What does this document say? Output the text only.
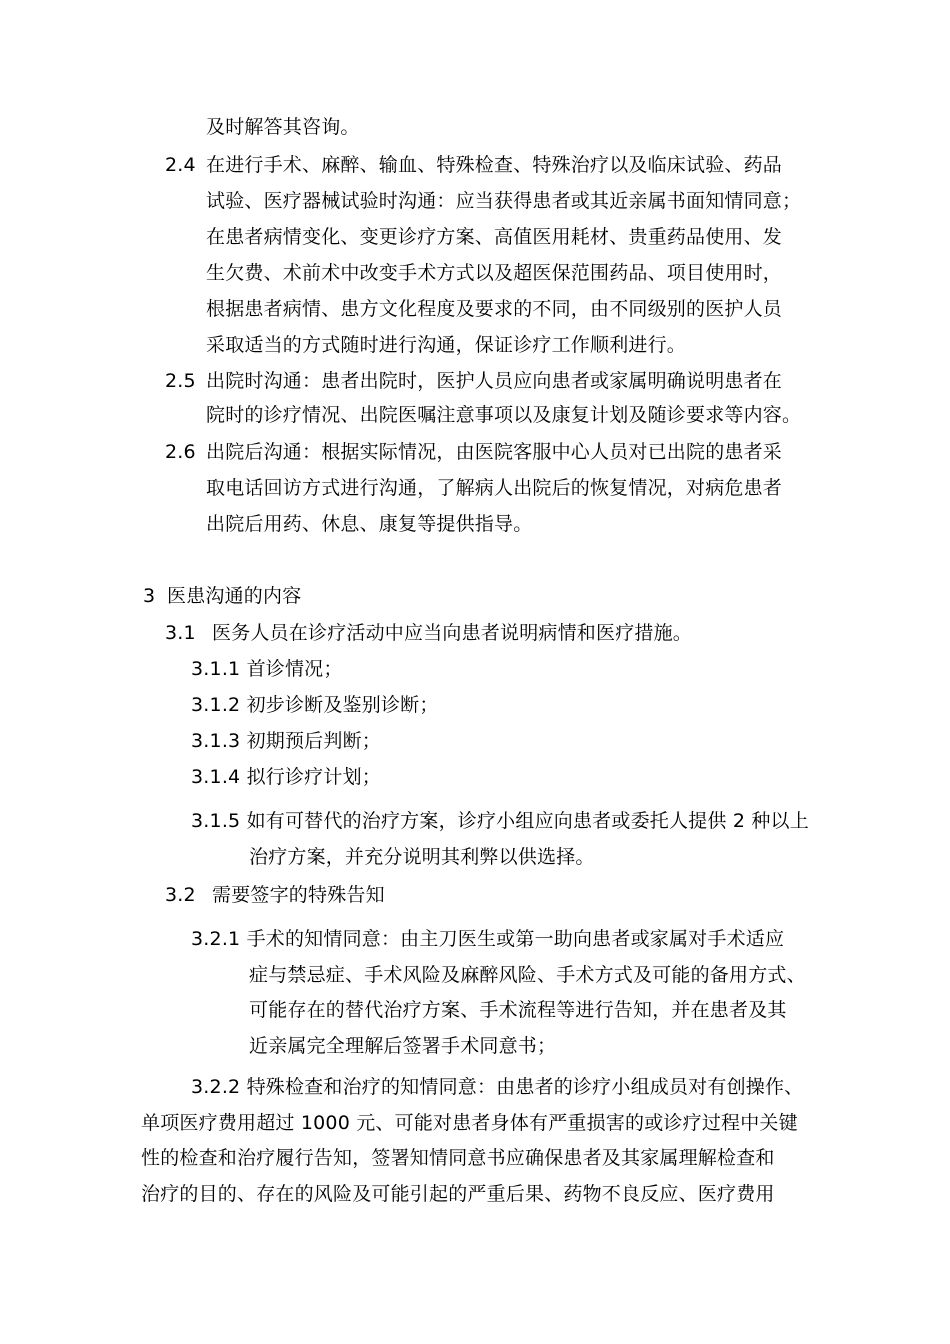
及时解答其咨询。
2.4 在进行手术、麻醉、输血、特殊检查、特殊治疗以及临床试验、药品
试验、医疗器械试验时沟通：应当获得患者或其近亲属书面知情同意；
在患者病情变化、变更诊疗方案、高值医用耗材、贵重药品使用、发
生欠费、术前术中改变手术方式以及超医保范围药品、项目使用时，
根据患者病情、患方文化程度及要求的不同，由不同级别的医护人员
采取适当的方式随时进行沟通，保证诊疗工作顺利进行。
2.5 出院时沟通：患者出院时，医护人员应向患者或家属明确说明患者在
院时的诊疗情况、出院医嘱注意事项以及康复计划及随诊要求等内容。
2.6 出院后沟通：根据实际情况，由医院客服中心人员对已出院的患者采
取电话回访方式进行沟通，了解病人出院后的恢复情况，对病危患者
出院后用药、休息、康复等提供指导。
3 医患沟通的内容
3.1 医务人员在诊疗活动中应当向患者说明病情和医疗措施。
3.1.1 首诊情况；
3.1.2 初步诊断及鉴别诊断；
3.1.3 初期预后判断；
3.1.4 拟行诊疗计划；
3.1.5 如有可替代的治疗方案，诊疗小组应向患者或委托人提供 2 种以上
治疗方案，并充分说明其利弊以供选择。
3.2 需要签字的特殊告知
3.2.1 手术的知情同意：由主刀医生或第一助向患者或家属对手术适应
症与禁忌症、手术风险及麻醉风险、手术方式及可能的备用方式、
可能存在的替代治疗方案、手术流程等进行告知，并在患者及其
近亲属完全理解后签署手术同意书；
3.2.2 特殊检查和治疗的知情同意：由患者的诊疗小组成员对有创操作、
单项医疗费用超过 1000 元、可能对患者身体有严重损害的或诊疗过程中关键
性的检查和治疗履行告知，签署知情同意书应确保患者及其家属理解检查和
治疗的目的、存在的风险及可能引起的严重后果、药物不良反应、医疗费用
